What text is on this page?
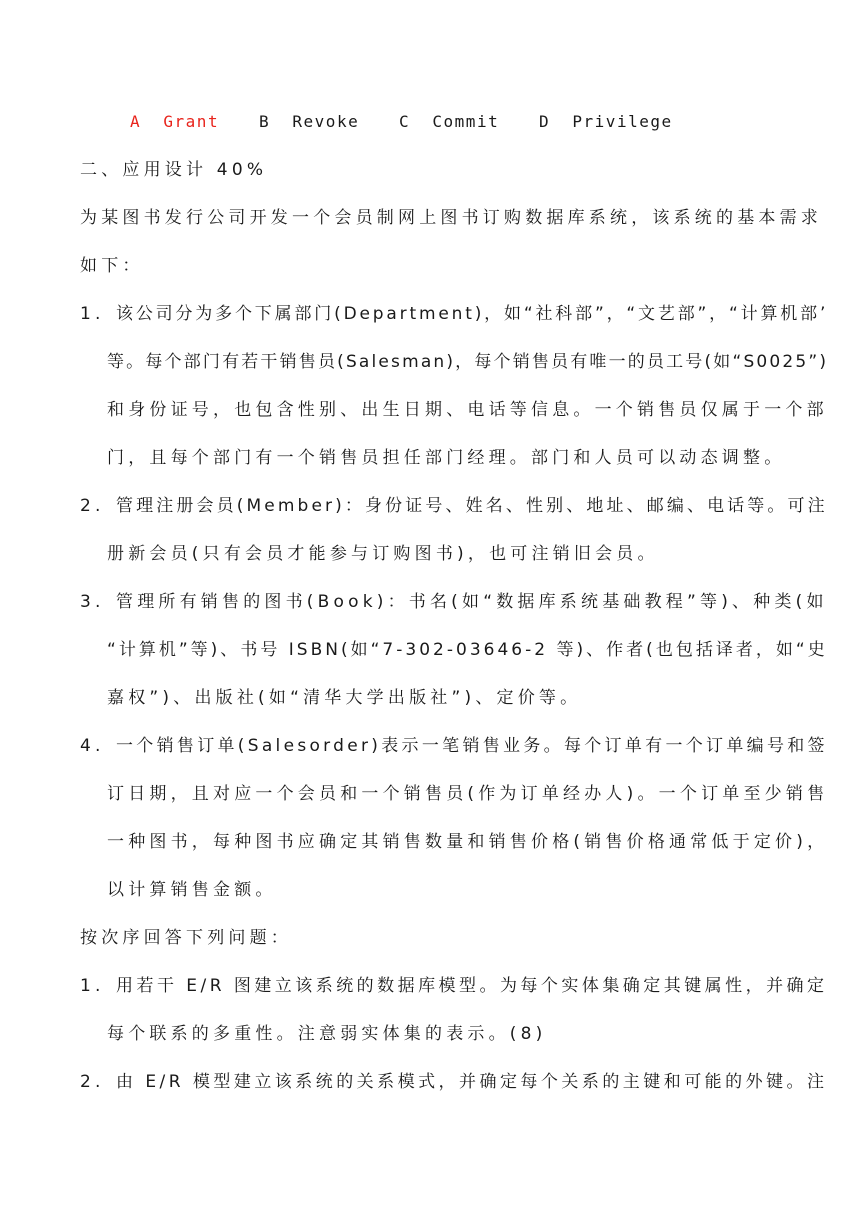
A Grant B Revoke C Commit D Privilege
二、应用设计 40%
为某图书发行公司开发一个会员制网上图书订购数据库系统，该系统的基本需求
如下：
1. 该公司分为多个下属部门(Department)，如“社科部”，“文艺部”，“计算机部’
等。每个部门有若干销售员(Salesman)，每个销售员有唯一的员工号(如“S0025”)
和身份证号，也包含性别、出生日期、电话等信息。一个销售员仅属于一个部
门，且每个部门有一个销售员担任部门经理。部门和人员可以动态调整。
2. 管理注册会员(Member)：身份证号、姓名、性别、地址、邮编、电话等。可注
册新会员(只有会员才能参与订购图书)，也可注销旧会员。
3. 管理所有销售的图书(Book)：书名(如“数据库系统基础教程”等)、种类(如
“计算机”等)、书号 ISBN(如“7-302-03646-2 等)、作者(也包括译者，如“史
嘉权”)、出版社(如“清华大学出版社”)、定价等。
4. 一个销售订单(Salesorder)表示一笔销售业务。每个订单有一个订单编号和签
订日期，且对应一个会员和一个销售员(作为订单经办人)。一个订单至少销售
一种图书，每种图书应确定其销售数量和销售价格(销售价格通常低于定价)，
以计算销售金额。
按次序回答下列问题：
1. 用若干 E/R 图建立该系统的数据库模型。为每个实体集确定其键属性，并确定
每个联系的多重性。注意弱实体集的表示。(8)
2. 由 E/R 模型建立该系统的关系模式，并确定每个关系的主键和可能的外键。注
